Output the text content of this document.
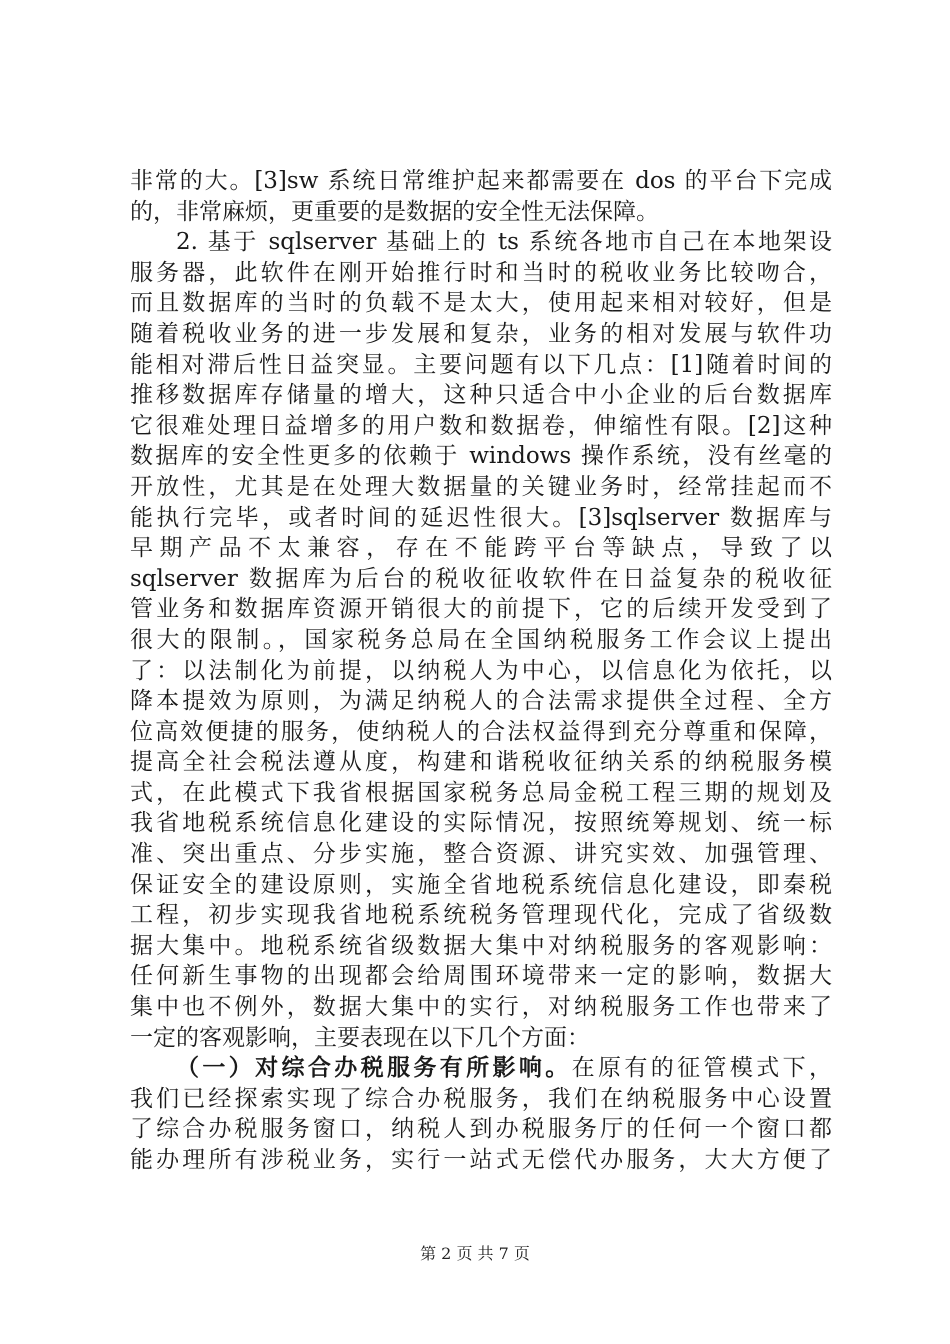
非常的大。[3]sw 系统日常维护起来都需要在 dos 的平台下完成
的，非常麻烦，更重要的是数据的安全性无法保障。
2. 基于 sqlserver 基础上的 ts 系统各地市自己在本地架设
服务器，此软件在刚开始推行时和当时的税收业务比较吻合，
而且数据库的当时的负载不是太大，使用起来相对较好，但是
随着税收业务的进一步发展和复杂，业务的相对发展与软件功
能相对滞后性日益突显。主要问题有以下几点：[1]随着时间的
推移数据库存储量的增大，这种只适合中小企业的后台数据库
它很难处理日益增多的用户数和数据卷，伸缩性有限。[2]这种
数据库的安全性更多的依赖于 windows 操作系统，没有丝毫的
开放性，尤其是在处理大数据量的关键业务时，经常挂起而不
能执行完毕，或者时间的延迟性很大。[3]sqlserver 数据库与
早期产品不太兼容，存在不能跨平台等缺点，导致了以
sqlserver 数据库为后台的税收征收软件在日益复杂的税收征
管业务和数据库资源开销很大的前提下，它的后续开发受到了
很大的限制。，国家税务总局在全国纳税服务工作会议上提出
了：以法制化为前提，以纳税人为中心，以信息化为依托，以
降本提效为原则，为满足纳税人的合法需求提供全过程、全方
位高效便捷的服务，使纳税人的合法权益得到充分尊重和保障，
提高全社会税法遵从度，构建和谐税收征纳关系的纳税服务模
式，在此模式下我省根据国家税务总局金税工程三期的规划及
我省地税系统信息化建设的实际情况，按照统筹规划、统一标
准、突出重点、分步实施，整合资源、讲究实效、加强管理、
保证安全的建设原则，实施全省地税系统信息化建设，即秦税
工程，初步实现我省地税系统税务管理现代化，完成了省级数
据大集中。地税系统省级数据大集中对纳税服务的客观影响：
任何新生事物的出现都会给周围环境带来一定的影响，数据大
集中也不例外，数据大集中的实行，对纳税服务工作也带来了
一定的客观影响，主要表现在以下几个方面：
（一）对综合办税服务有所影响。在原有的征管模式下，
我们已经探索实现了综合办税服务，我们在纳税服务中心设置
了综合办税服务窗口，纳税人到办税服务厅的任何一个窗口都
能办理所有涉税业务，实行一站式无偿代办服务，大大方便了
第 2 页 共 7 页
